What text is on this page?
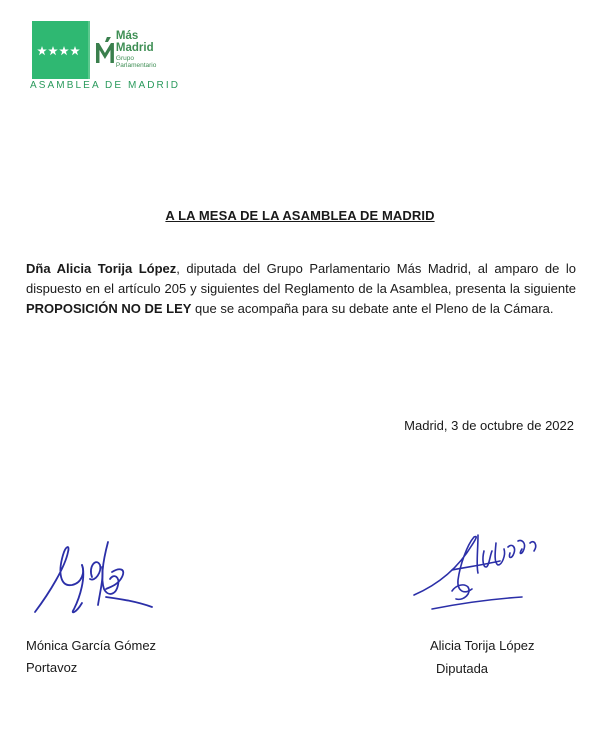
Más
Madrid
Grupo Parlamentario
ASAMBLEA DE MADRID
A LA MESA DE LA ASAMBLEA DE MADRID
Dña Alicia Torija López, diputada del Grupo Parlamentario Más Madrid, al amparo de lo dispuesto en el artículo 205 y siguientes del Reglamento de la Asamblea, presenta la siguiente PROPOSICIÓN NO DE LEY que se acompaña para su debate ante el Pleno de la Cámara.
Madrid, 3 de octubre de 2022
Mónica García Gómez
Portavoz
Alicia Torija López
Diputada
